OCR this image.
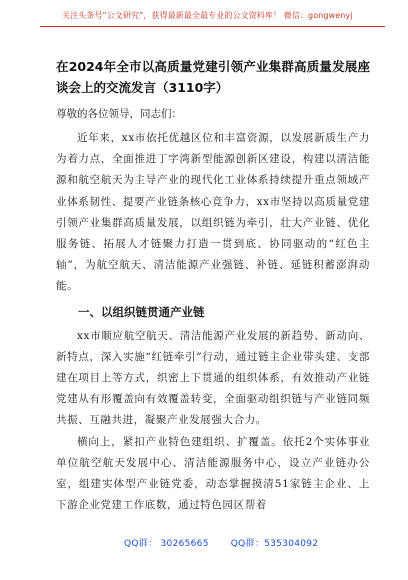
关注头条号“公文研究”，获得最新最全最专业的公文资料库！ 微信：gongwenyj
在2024年全市以高质量党建引领产业集群高质量发展座谈会上的交流发言（3110字）
尊敬的各位领导，同志们：

近年来，xx市依托优越区位和丰富资源，以发展新质生产力为着力点，全面推进丁字湾新型能源创新区建设，构建以清洁能源和航空航天为主导产业的现代化工业体系持续提升重点领域产业体系韧性、提要产业链条核心竞争力，xx市坚持以高质量党建引领产业集群高质量发展，以组织链为牵引，壮大产业链、优化服务链、拓展人才链聚力打造一贯到底、协同驱动的“红色主轴”，为航空航天、清洁能源产业强链、补链、延链积蓄澎湃动能。

一、以组织链贯通产业链

xx市顺应航空航天、清洁能源产业发展的新趋势、新动向、新特点，深入实施“红链牵引”行动，通过链主企业带头建、支部建在项目上等方式，织密上下贯通的组织体系，有效推动产业链党建从有形覆盖向有效覆盖转变，全面驱动组织链与产业链同频共振、互融共进，凝聚产业发展强大合力。

横向上，紧扣产业特色建组织、扩覆盖。依托2个实体事业单位航空航天发展中心、清洁能源服务中心，设立产业链办公室，组建实体型产业链党委，动态掌握摸清51家链主企业、上下游企业党建工作底数，通过特色园区帮着

QQ群： 30265665 QQ群：535304092
